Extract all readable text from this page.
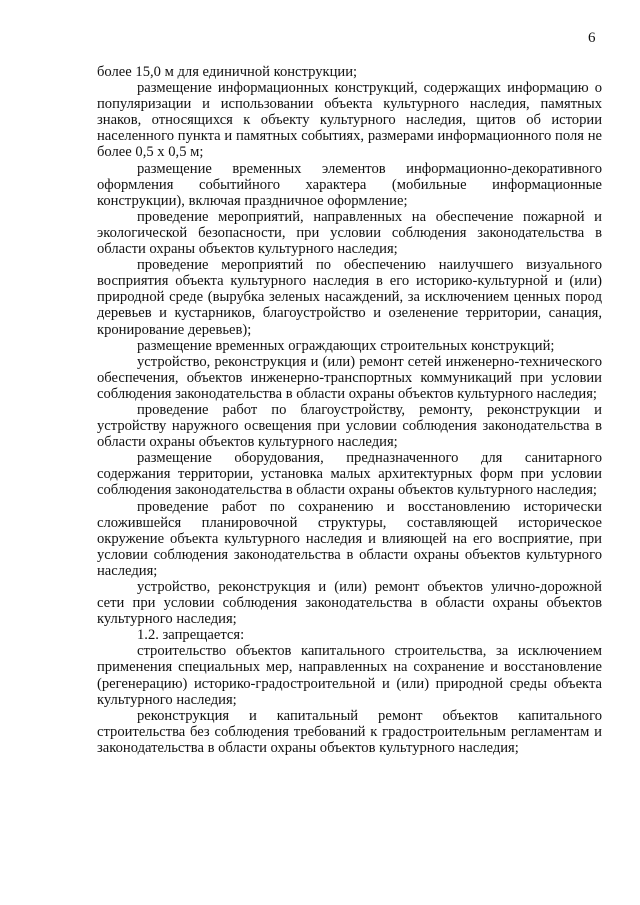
6

более 15,0 м для единичной конструкции;

размещение информационных конструкций, содержащих информацию о популяризации и использовании объекта культурного наследия, памятных знаков, относящихся к объекту культурного наследия, щитов об истории населенного пункта и памятных событиях, размерами информационного поля не более 0,5 х 0,5 м;

размещение временных элементов информационно-декоративного оформления событийного характера (мобильные информационные конструкции), включая праздничное оформление;

проведение мероприятий, направленных на обеспечение пожарной и экологической безопасности, при условии соблюдения законодательства в области охраны объектов культурного наследия;

проведение мероприятий по обеспечению наилучшего визуального восприятия объекта культурного наследия в его историко-культурной и (или) природной среде (вырубка зеленых насаждений, за исключением ценных пород деревьев и кустарников, благоустройство и озеленение территории, санация, кронирование деревьев);

размещение временных ограждающих строительных конструкций;

устройство, реконструкция и (или) ремонт сетей инженерно-технического обеспечения, объектов инженерно-транспортных коммуникаций при условии соблюдения законодательства в области охраны объектов культурного наследия;

проведение работ по благоустройству, ремонту, реконструкции и устройству наружного освещения при условии соблюдения законодательства в области охраны объектов культурного наследия;

размещение оборудования, предназначенного для санитарного содержания территории, установка малых архитектурных форм при условии соблюдения законодательства в области охраны объектов культурного наследия;

проведение работ по сохранению и восстановлению исторически сложившейся планировочной структуры, составляющей историческое окружение объекта культурного наследия и влияющей на его восприятие, при условии соблюдения законодательства в области охраны объектов культурного наследия;

устройство, реконструкция и (или) ремонт объектов улично-дорожной сети при условии соблюдения законодательства в области охраны объектов культурного наследия;

1.2. запрещается:

строительство объектов капитального строительства, за исключением применения специальных мер, направленных на сохранение и восстановление (регенерацию) историко-градостроительной и (или) природной среды объекта культурного наследия;

реконструкция и капитальный ремонт объектов капитального строительства без соблюдения требований к градостроительным регламентам и законодательства в области охраны объектов культурного наследия;
